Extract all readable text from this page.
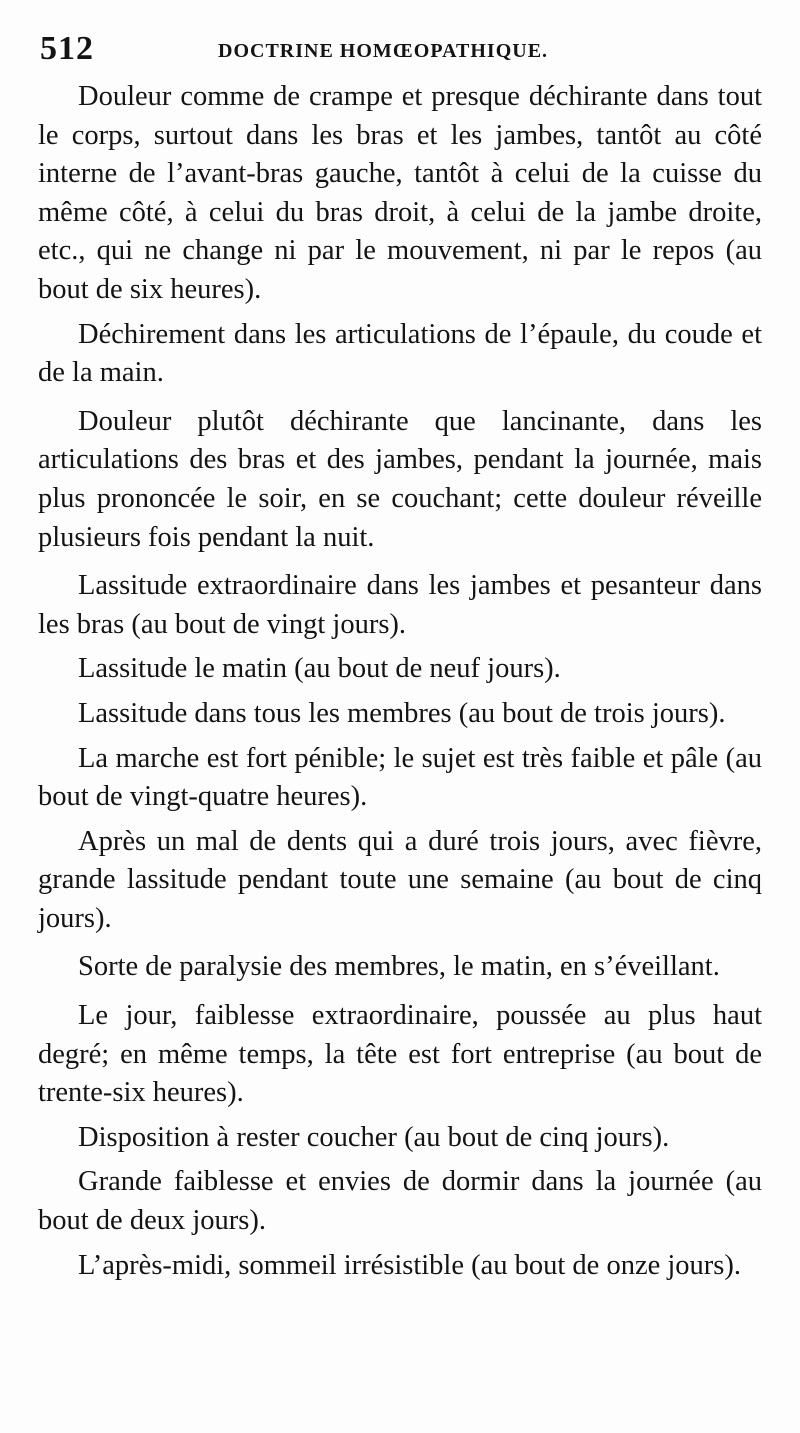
512	DOCTRINE HOMŒOPATHIQUE.

Douleur comme de crampe et presque déchirante dans tout le corps, surtout dans les bras et les jambes, tantôt au côté interne de l’avant-bras gauche, tantôt à celui de la cuisse du même côté, à celui du bras droit, à celui de la jambe droite, etc., qui ne change ni par le mouvement, ni par le repos (au bout de six heures).

Déchirement dans les articulations de l’épaule, du coude et de la main.

Douleur plutôt déchirante que lancinante, dans les articulations des bras et des jambes, pendant la journée, mais plus prononcée le soir, en se couchant; cette douleur réveille plusieurs fois pendant la nuit.

Lassitude extraordinaire dans les jambes et pesanteur dans les bras (au bout de vingt jours).

Lassitude le matin (au bout de neuf jours).

Lassitude dans tous les membres (au bout de trois jours).

La marche est fort pénible; le sujet est très faible et pâle (au bout de vingt-quatre heures).

Après un mal de dents qui a duré trois jours, avec fièvre, grande lassitude pendant toute une semaine (au bout de cinq jours).

Sorte de paralysie des membres, le matin, en s’éveillant.

Le jour, faiblesse extraordinaire, poussée au plus haut degré; en même temps, la tête est fort entreprise (au bout de trente-six heures).

Disposition à rester coucher (au bout de cinq jours).

Grande faiblesse et envies de dormir dans la journée (au bout de deux jours).

L’après-midi, sommeil irrésistible (au bout de onze jours).
